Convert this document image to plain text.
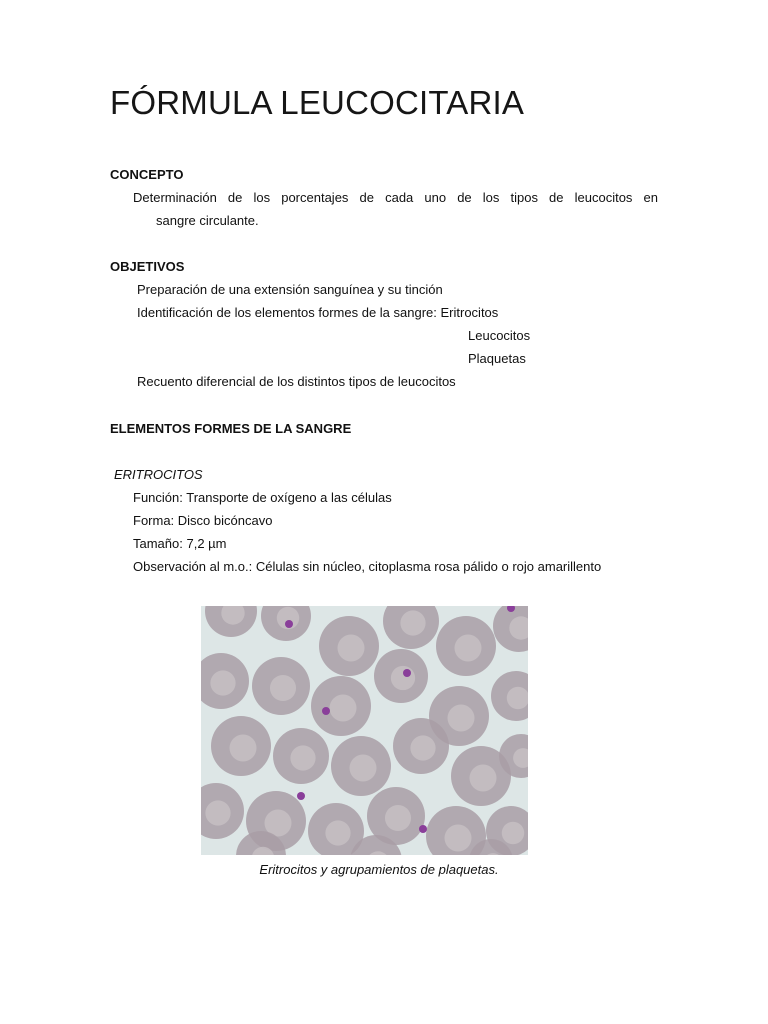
FÓRMULA LEUCOCITARIA
CONCEPTO
Determinación de los porcentajes de cada uno de los tipos de leucocitos en
sangre circulante.
OBJETIVOS
Preparación de una extensión sanguínea y su tinción
Identificación de los elementos formes de la sangre: Eritrocitos
Leucocitos
Plaquetas
Recuento diferencial de los distintos tipos de leucocitos
ELEMENTOS FORMES DE LA SANGRE
ERITROCITOS
Función: Transporte de oxígeno a las células
Forma: Disco bicóncavo
Tamaño: 7,2 µm
Observación al m.o.: Células sin núcleo, citoplasma rosa pálido o rojo amarillento
Eritrocitos y agrupamientos de plaquetas.
